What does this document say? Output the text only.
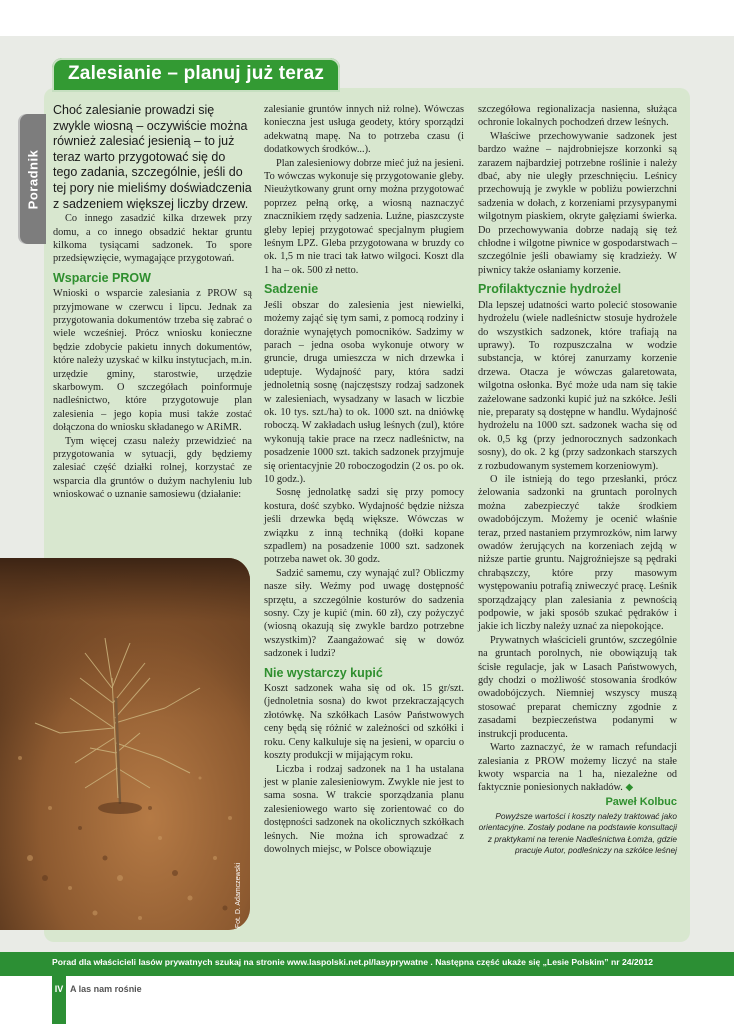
Zalesianie – planuj już teraz
Poradnik

Choć zalesianie prowadzi się zwykle wiosną – oczywiście można również zalesiać jesienią – to już teraz warto przygotować się do tego zadania, szczególnie, jeśli do tej pory nie mieliśmy doświadczenia z sadzeniem większej liczby drzew.

Co innego zasadzić kilka drzewek przy domu, a co innego obsadzić hektar gruntu kilkoma tysiącami sadzonek. To spore przedsięwzięcie, wymagające przygotowań.

Wsparcie PROW

Wnioski o wsparcie zalesiania z PROW są przyjmowane w czerwcu i lipcu. Jednak za przygotowania dokumentów trzeba się zabrać o wiele wcześniej. Prócz wniosku konieczne będzie zdobycie pakietu innych dokumentów, które należy uzyskać w kilku instytucjach, m.in. urzędzie gminy, starostwie, urzędzie skarbowym. O szczegółach poinformuje nadleśnictwo, które przygotowuje plan zalesienia – jego kopia musi także zostać dołączona do wniosku składanego w ARiMR.

Tym więcej czasu należy przewidzieć na przygotowania w sytuacji, gdy będziemy zalesiać część działki rolnej, korzystać ze wsparcia dla gruntów o dużym nachyleniu lub wnioskować o uznanie samosiewu (działanie:

Fot. D. Adamczewski

zalesianie gruntów innych niż rolne). Wówczas konieczna jest usługa geodety, który sporządzi adekwatną mapę. Na to potrzeba czasu (i dodatkowych środków...).

Plan zalesieniowy dobrze mieć już na jesieni. To wówczas wykonuje się przygotowanie gleby. Nieużytkowany grunt orny można przygotować poprzez pełną orkę, a wiosną naznaczyć znacznikiem rzędy sadzenia. Luźne, piaszczyste gleby lepiej przygotować specjalnym pługiem leśnym LPZ. Gleba przygotowana w bruzdy co ok. 1,5 m nie traci tak łatwo wilgoci. Koszt dla 1 ha – ok. 500 zł netto.

Sadzenie

Jeśli obszar do zalesienia jest niewielki, możemy zająć się tym sami, z pomocą rodziny i doraźnie wynajętych pomocników. Sadzimy w parach – jedna osoba wykonuje otwory w gruncie, druga umieszcza w nich drzewka i udeptuje. Wydajność pary, która sadzi jednoletnią sosnę (najczęstszy rodzaj sadzonek w zalesieniach, wysadzany w lasach w liczbie ok. 10 tys. szt./ha) to ok. 1000 szt. na dniówkę roboczą. W zakładach usług leśnych (zul), które wykonują takie prace na rzecz nadleśnictw, na posadzenie 1000 szt. takich sadzonek przyjmuje się orientacyjnie 20 roboczogodzin (2 os. po ok. 10 godz.).

Sosnę jednolatkę sadzi się przy pomocy kostura, dość szybko. Wydajność będzie niższa jeśli drzewka będą większe. Wówczas w związku z inną techniką (dołki kopane szpadlem) na posadzenie 1000 szt. sadzonek potrzeba nawet ok. 30 godz.

Sadzić samemu, czy wynająć zul? Obliczmy nasze siły. Weźmy pod uwagę dostępność sprzętu, a szczególnie kosturów do sadzenia sosny. Czy je kupić (min. 60 zł), czy pożyczyć (wiosną okazują się zwykle bardzo potrzebne wszystkim)? Zaangażować się w dowóz sadzonek i ludzi?

Nie wystarczy kupić

Koszt sadzonek waha się od ok. 15 gr/szt. (jednoletnia sosna) do kwot przekraczających złotówkę. Na szkółkach Lasów Państwowych ceny będą się różnić w zależności od szkółki i roku. Ceny kalkuluje się na jesieni, w oparciu o koszty produkcji w mijającym roku.

Liczba i rodzaj sadzonek na 1 ha ustalana jest w planie zalesieniowym. Zwykle nie jest to sama sosna. W trakcie sporządzania planu zalesieniowego warto się zorientować co do dostępności sadzonek na okolicznych szkółkach leśnych. Nie można ich sprowadzać z dowolnych miejsc, w Polsce obowiązuje

szczegółowa regionalizacja nasienna, służąca ochronie lokalnych pochodzeń drzew leśnych.

Właściwe przechowywanie sadzonek jest bardzo ważne – najdrobniejsze korzonki są zarazem najbardziej potrzebne roślinie i należy dbać, aby nie uległy przeschnięciu. Leśnicy przechowują je zwykle w pobliżu powierzchni sadzenia w dołach, z korzeniami przysypanymi wilgotnym piaskiem, okryte gałęziami świerka. Do przechowywania dobrze nadają się też chłodne i wilgotne piwnice w gospodarstwach – szczególnie jeśli obawiamy się kradzieży. W piwnicy także osłaniamy korzenie.

Profilaktycznie hydrożel

Dla lepszej udatności warto polecić stosowanie hydrożelu (wiele nadleśnictw stosuje hydrożele do wszystkich sadzonek, które trafiają na uprawy). To rozpuszczalna w wodzie substancja, w której zanurzamy korzenie drzewa. Otacza je wówczas galaretowata, wilgotna osłonka. Być może uda nam się takie zażelowane sadzonki kupić już na szkółce. Jeśli nie, preparaty są dostępne w handlu. Wydajność hydrożelu na 1000 szt. sadzonek wacha się od ok. 0,5 kg (przy jednorocznych sadzonkach sosny), do ok. 2 kg (przy sadzonkach starszych z rozbudowanym systemem korzeniowym).

O ile istnieją do tego przesłanki, prócz żelowania sadzonki na gruntach porolnych można zabezpieczyć także środkiem owadobójczym. Możemy je ocenić właśnie teraz, przed nastaniem przymrozków, nim larwy owadów żerujących na korzeniach zejdą w niższe partie gruntu. Najgroźniejsze są pędraki chrabąszczy, które przy masowym występowaniu potrafią zniweczyć pracę. Leśnik sporządzający plan zalesiania z pewnością podpowie, w jaki sposób szukać pędraków i jakie ich liczby należy uznać za niepokojące.

Prywatnych właścicieli gruntów, szczególnie na gruntach porolnych, nie obowiązują tak ścisłe regulacje, jak w Lasach Państwowych, gdy chodzi o możliwość stosowania środków owadobójczych. Niemniej wszyscy muszą stosować preparat chemiczny zgodnie z zasadami bezpieczeństwa podanymi w instrukcji producenta.

Warto zaznaczyć, że w ramach refundacji zalesiania z PROW możemy liczyć na stałe kwoty wsparcia na 1 ha, niezależne od faktycznie poniesionych nakładów. ◆

Paweł Kolbuc
Powyższe wartości i koszty należy traktować jako orientacyjne. Zostały podane na podstawie konsultacji z praktykami na terenie Nadleśnictwa Łomża, gdzie pracuje Autor, podleśniczy na szkółce leśnej
Porad dla właścicieli lasów prywatnych szukaj na stronie www.laspolski.net.pl/lasyprywatne . Następna część ukaże się „Lesie Polskim” nr 24/2012
IV A las nam rośnie
